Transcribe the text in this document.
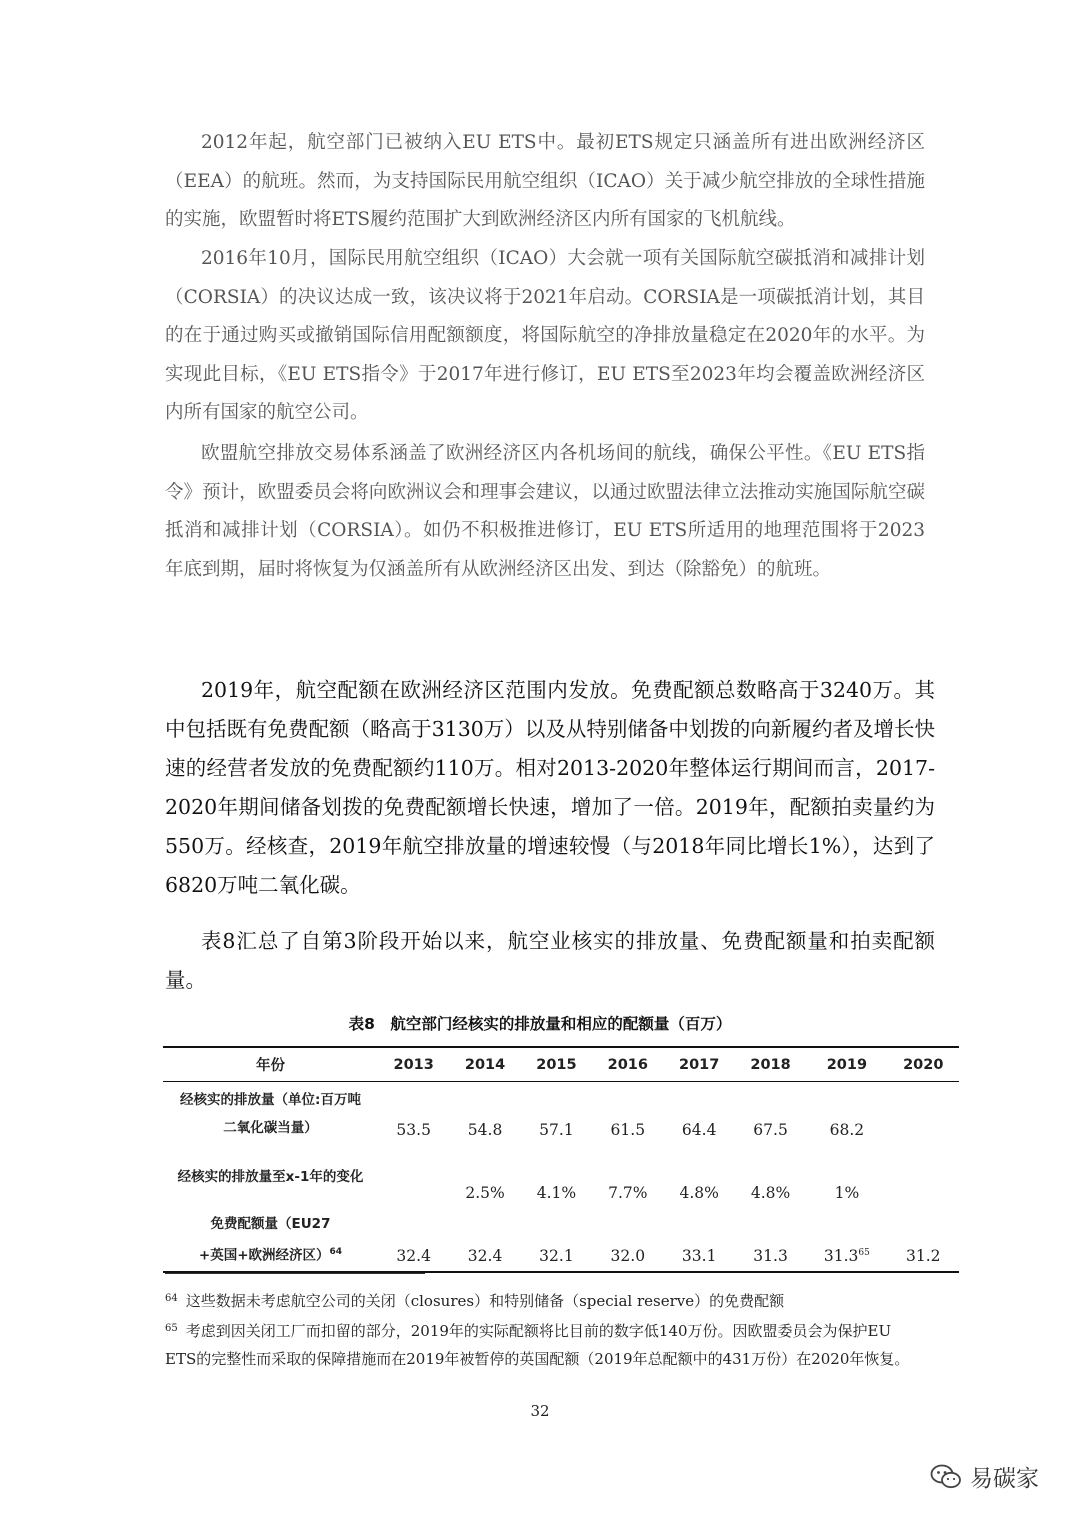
2012年起，航空部门已被纳入EU ETS中。最初ETS规定只涵盖所有进出欧洲经济区（EEA）的航班。然而，为支持国际民用航空组织（ICAO）关于减少航空排放的全球性措施的实施，欧盟暂时将ETS履约范围扩大到欧洲经济区内所有国家的飞机航线。
2016年10月，国际民用航空组织（ICAO）大会就一项有关国际航空碳抵消和减排计划（CORSIA）的决议达成一致，该决议将于2021年启动。CORSIA是一项碳抵消计划，其目的在于通过购买或撤销国际信用配额额度，将国际航空的净排放量稳定在2020年的水平。为实现此目标，《EU ETS指令》于2017年进行修订，EU ETS至2023年均会覆盖欧洲经济区内所有国家的航空公司。
欧盟航空排放交易体系涵盖了欧洲经济区内各机场间的航线，确保公平性。《EU ETS指令》预计，欧盟委员会将向欧洲议会和理事会建议，以通过欧盟法律立法推动实施国际航空碳抵消和减排计划（CORSIA）。如仍不积极推进修订，EU ETS所适用的地理范围将于2023年底到期，届时将恢复为仅涵盖所有从欧洲经济区出发、到达（除豁免）的航班。
2019年，航空配额在欧洲经济区范围内发放。免费配额总数略高于3240万。其中包括既有免费配额（略高于3130万）以及从特别储备中划拨的向新履约者及增长快速的经营者发放的免费配额约110万。相对2013-2020年整体运行期间而言，2017-2020年期间储备划拨的免费配额增长快速，增加了一倍。2019年，配额拍卖量约为550万。经核查，2019年航空排放量的增速较慢（与2018年同比增长1%），达到了6820万吨二氧化碳。
表8汇总了自第3阶段开始以来，航空业核实的排放量、免费配额量和拍卖配额量。
表8　航空部门经核实的排放量和相应的配额量（百万）
年份	2013	2014	2015	2016	2017	2018	2019	2020

经核实的排放量（单位:百万吨
二氧化碳当量）	53.5	54.8	57.1	61.5	64.4	67.5	68.2	

经核实的排放量至x-1年的变化		2.5%	4.1%	7.7%	4.8%	4.8%	1%	

免费配额量（EU27
+英国+欧洲经济区）$^{64}$	32.4	32.4	32.1	32.0	33.1	31.3	31.3$^{65}$	31.2
$^{64}$ 这些数据未考虑航空公司的关闭（closures）和特别储备（special reserve）的免费配额
$^{65}$ 考虑到因关闭工厂而扣留的部分，2019年的实际配额将比目前的数字低140万份。因欧盟委员会为保护EU ETS的完整性而采取的保障措施而在2019年被暂停的英国配额（2019年总配额中的431万份）在2020年恢复。
32
易碳家
